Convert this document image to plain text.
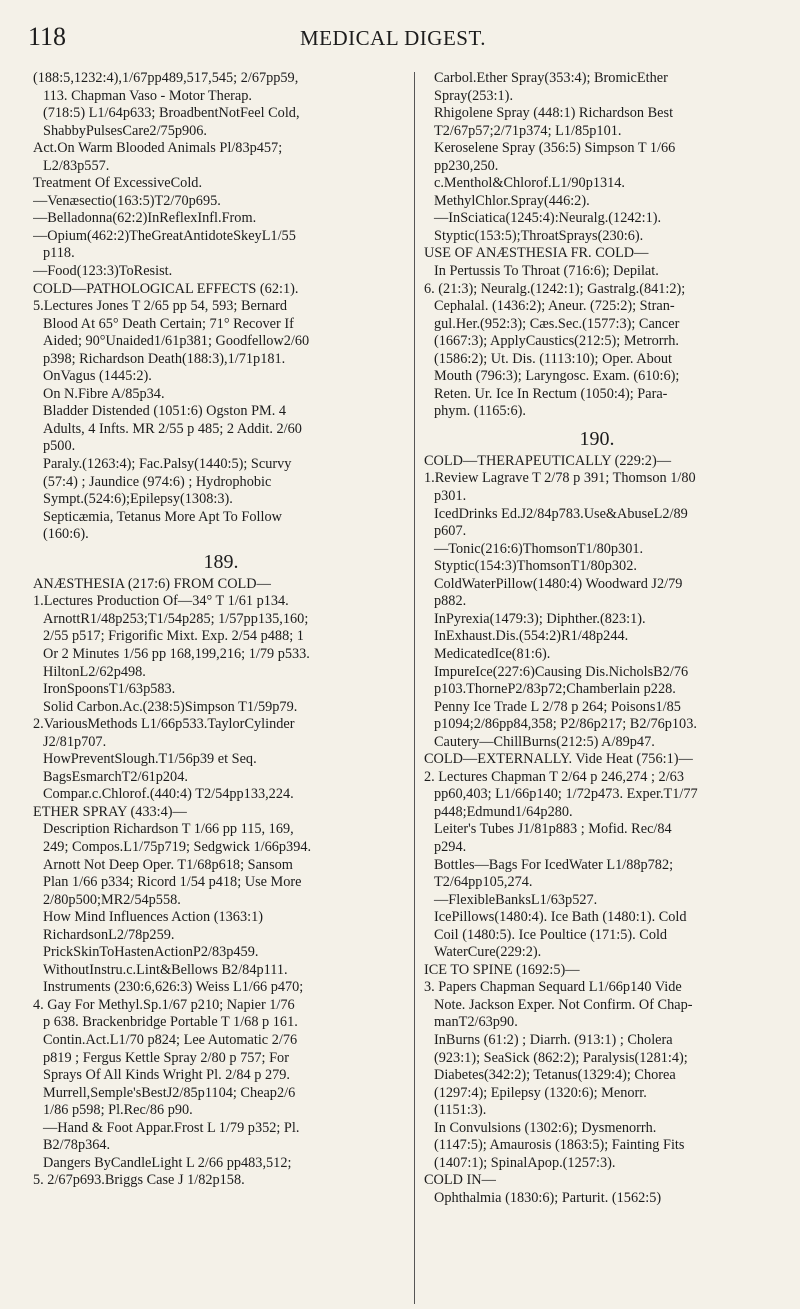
118	MEDICAL DIGEST.
(188:5,1232:4),1/67pp489,517,545; 2/67pp59,
113. Chapman Vaso - Motor Therap.
(718:5) L1/64p633; BroadbentNotFeel Cold,
ShabbyPulsesCare2/75p906.
Act.On Warm Blooded Animals Pl/83p457;
L2/83p557.
Treatment Of ExcessiveCold.
—Venæsectio(163:5)T2/70p695.
—Belladonna(62:2)InReflexInfl.From.
—Opium(462:2)TheGreatAntidoteSkeyL1/55
p118.
—Food(123:3)ToResist.
COLD—PATHOLOGICAL EFFECTS (62:1).
5.Lectures Jones T 2/65 pp 54, 593; Bernard
Blood At 65° Death Certain; 71° Recover If
Aided; 90°Unaided1/61p381; Goodfellow2/60
p398; Richardson Death(188:3),1/71p181.
OnVagus (1445:2).
On N.Fibre A/85p34.
Bladder Distended (1051:6) Ogston PM. 4
Adults, 4 Infts. MR 2/55 p 485; 2 Addit. 2/60
p500.
Paraly.(1263:4); Fac.Palsy(1440:5); Scurvy
(57:4) ; Jaundice (974:6) ; Hydrophobic
Sympt.(524:6);Epilepsy(1308:3).
Septicæmia, Tetanus More Apt To Follow
(160:6).
189.
ANÆSTHESIA (217:6) FROM COLD—
1.Lectures Production Of—34° T 1/61 p134.
ArnottR1/48p253;T1/54p285; 1/57pp135,160;
2/55 p517; Frigorific Mixt. Exp. 2/54 p488; 1
Or 2 Minutes 1/56 pp 168,199,216; 1/79 p533.
HiltonL2/62p498.
IronSpoonsT1/63p583.
Solid Carbon.Ac.(238:5)Simpson T1/59p79.
2.VariousMethods L1/66p533.TaylorCylinder
J2/81p707.
HowPreventSlough.T1/56p39 et Seq.
BagsEsmarchT2/61p204.
Compar.c.Chlorof.(440:4) T2/54pp133,224.
ETHER SPRAY (433:4)—
Description Richardson T 1/66 pp 115, 169,
249; Compos.L1/75p719; Sedgwick 1/66p394.
Arnott Not Deep Oper. T1/68p618; Sansom
Plan 1/66 p334; Ricord 1/54 p418; Use More
2/80p500;MR2/54p558.
How Mind Influences Action (1363:1)
RichardsonL2/78p259.
PrickSkinToHastenActionP2/83p459.
WithoutInstru.c.Lint&Bellows B2/84p111.
Instruments (230:6,626:3) Weiss L1/66 p470;
4. Gay For Methyl.Sp.1/67 p210; Napier 1/76
p 638. Brackenbridge Portable T 1/68 p 161.
Contin.Act.L1/70 p824; Lee Automatic 2/76
p819 ; Fergus Kettle Spray 2/80 p 757; For
Sprays Of All Kinds Wright Pl. 2/84 p 279.
Murrell,Semple'sBestJ2/85p1104; Cheap2/6
1/86 p598; Pl.Rec/86 p90.
—Hand & Foot Appar.Frost L 1/79 p352; Pl.
B2/78p364.
Dangers ByCandleLight L 2/66 pp483,512;
5. 2/67p693.Briggs Case J 1/82p158.
Carbol.Ether Spray(353:4); BromicEther
Spray(253:1).
Rhigolene Spray (448:1) Richardson Best
T2/67p57;2/71p374; L1/85p101.
Keroselene Spray (356:5) Simpson T 1/66
pp230,250.
c.Menthol&Chlorof.L1/90p1314.
MethylChlor.Spray(446:2).
—InSciatica(1245:4):Neuralg.(1242:1).
Styptic(153:5);ThroatSprays(230:6).
USE OF ANÆSTHESIA FR. COLD—
In Pertussis To Throat (716:6); Depilat.
6. (21:3); Neuralg.(1242:1); Gastralg.(841:2);
Cephalal. (1436:2); Aneur. (725:2); Stran-
gul.Her.(952:3); Cæs.Sec.(1577:3); Cancer
(1667:3); ApplyCaustics(212:5); Metrorrh.
(1586:2); Ut. Dis. (1113:10); Oper. About
Mouth (796:3); Laryngosc. Exam. (610:6);
Reten. Ur. Ice In Rectum (1050:4); Para-
phym. (1165:6).
190.
COLD—THERAPEUTICALLY (229:2)—
1.Review Lagrave T 2/78 p 391; Thomson 1/80
p301.
IcedDrinks Ed.J2/84p783.Use&AbuseL2/89
p607.
—Tonic(216:6)ThomsonT1/80p301.
Styptic(154:3)ThomsonT1/80p302.
ColdWaterPillow(1480:4) Woodward J2/79
p882.
InPyrexia(1479:3); Diphther.(823:1).
InExhaust.Dis.(554:2)R1/48p244.
MedicatedIce(81:6).
ImpureIce(227:6)Causing Dis.NicholsB2/76
p103.ThorneP2/83p72;Chamberlain p228.
Penny Ice Trade L 2/78 p 264; Poisons1/85
p1094;2/86pp84,358; P2/86p217; B2/76p103.
Cautery—ChillBurns(212:5) A/89p47.
COLD—EXTERNALLY. Vide Heat (756:1)—
2. Lectures Chapman T 2/64 p 246,274 ; 2/63
pp60,403; L1/66p140; 1/72p473. Exper.T1/77
p448;Edmund1/64p280.
Leiter's Tubes J1/81p883 ; Mofid. Rec/84
p294.
Bottles—Bags For IcedWater L1/88p782;
T2/64pp105,274.
—FlexibleBanksL1/63p527.
IcePillows(1480:4). Ice Bath (1480:1). Cold
Coil (1480:5). Ice Poultice (171:5). Cold
WaterCure(229:2).
ICE TO SPINE (1692:5)—
3. Papers Chapman Sequard L1/66p140 Vide
Note. Jackson Exper. Not Confirm. Of Chap-
manT2/63p90.
InBurns (61:2) ; Diarrh. (913:1) ; Cholera
(923:1); SeaSick (862:2); Paralysis(1281:4);
Diabetes(342:2); Tetanus(1329:4); Chorea
(1297:4); Epilepsy (1320:6); Menorr.
(1151:3).
In Convulsions (1302:6); Dysmenorrh.
(1147:5); Amaurosis (1863:5); Fainting Fits
(1407:1); SpinalApop.(1257:3).
COLD IN—
Ophthalmia (1830:6); Parturit. (1562:5)
